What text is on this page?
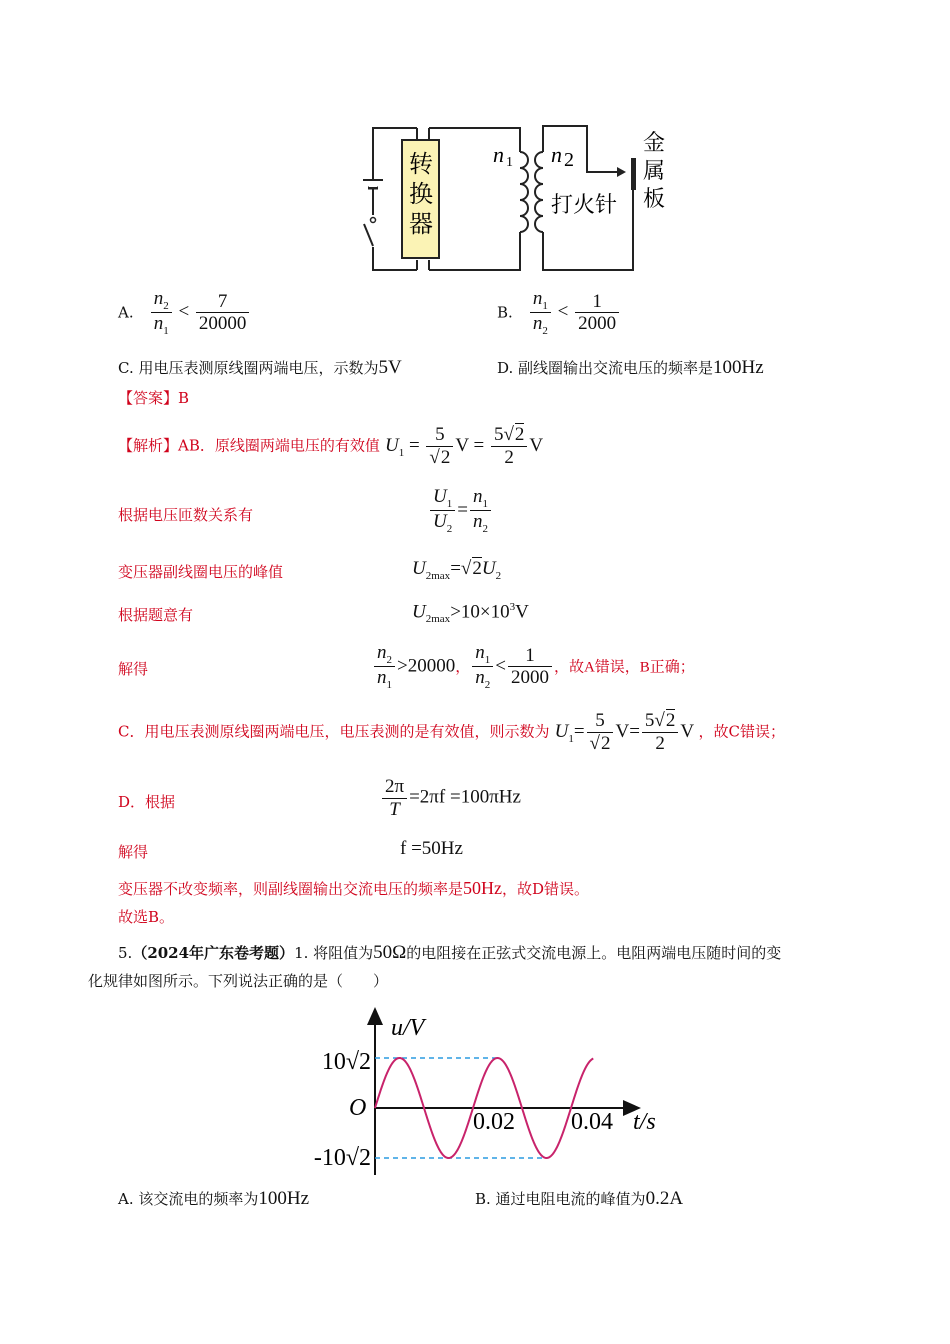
转
换
器
n 1 n 2
打火针
金
属
板
A. $\frac{n_2}{n_1} < \frac{7}{20000}$	B. $\frac{n_1}{n_2} < \frac{1}{2000}$
C. 用电压表测原线圈两端电压，示数为5V	D. 副线圈输出交流电压的频率是100Hz
【答案】B
【解析】AB．原线圈两端电压的有效值 $U_1 = \frac{5}{√2}$ $V = \frac{5√2}{2}$ V
根据电压匝数关系有	$\frac{U_1}{U_2} = \frac{n_1}{n_2}$
变压器副线圈电压的峰值	$U_{2max}=√2U_2$
根据题意有	$U_{2max}>10\times 10^3V$
解得	$\frac{n_2}{n_1} >20000$， $\frac{n_1}{n_2} < \frac{1}{2000}$ ，故A错误，B正确；
C．用电压表测原线圈两端电压，电压表测的是有效值，则示数为 $U_1= \frac{5}{√2} V= \frac{5√2}{2}$ V ，故C错误；
D．根据	$\frac{2\pi}{T} =2\pi f =100\pi Hz$
解得	f =50Hz
变压器不改变频率，则副线圈输出交流电压的频率是50Hz，故D错误。
故选B。
5.（2024年广东卷考题）1. 将阻值为50Ω的电阻接在正弦式交流电源上。电阻两端电压随时间的变
化规律如图所示。下列说法正确的是（　　）
u/V
10√2
-10√2
O
0.02 0.04 t/s
A. 该交流电的频率为100Hz	B. 通过电阻电流的峰值为0.2A
